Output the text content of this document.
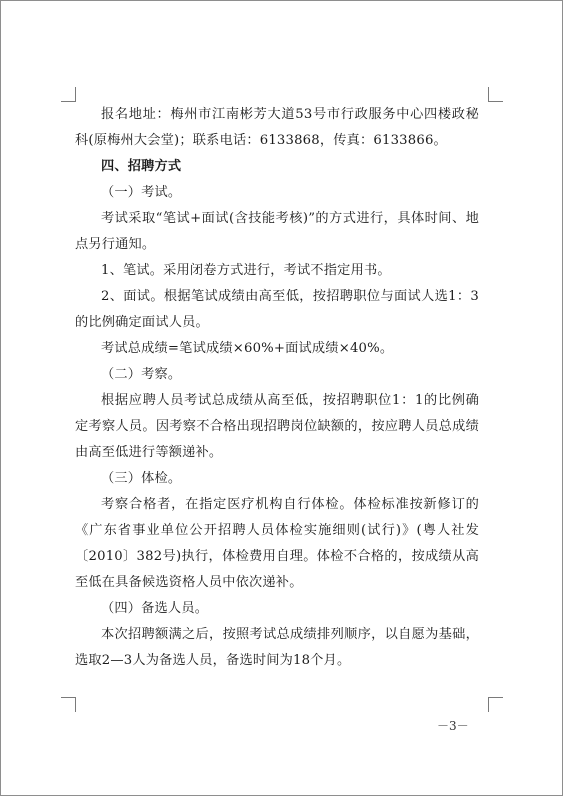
报名地址：梅州市江南彬芳大道53号市行政服务中心四楼政秘科(原梅州大会堂)；联系电话：6133868，传真：6133866。

四、招聘方式

（一）考试。

考试采取“笔试+面试(含技能考核)”的方式进行，具体时间、地点另行通知。

1、笔试。采用闭卷方式进行，考试不指定用书。

2、面试。根据笔试成绩由高至低，按招聘职位与面试人选1：3的比例确定面试人员。

考试总成绩=笔试成绩×60%+面试成绩×40%。

（二）考察。

根据应聘人员考试总成绩从高至低，按招聘职位1：1的比例确定考察人员。因考察不合格出现招聘岗位缺额的，按应聘人员总成绩由高至低进行等额递补。

（三）体检。

考察合格者，在指定医疗机构自行体检。体检标准按新修订的《广东省事业单位公开招聘人员体检实施细则(试行)》(粤人社发〔2010〕382号)执行，体检费用自理。体检不合格的，按成绩从高至低在具备候选资格人员中依次递补。

（四）备选人员。

本次招聘额满之后，按照考试总成绩排列顺序，以自愿为基础，选取2—3人为备选人员，备选时间为18个月。

－3－
